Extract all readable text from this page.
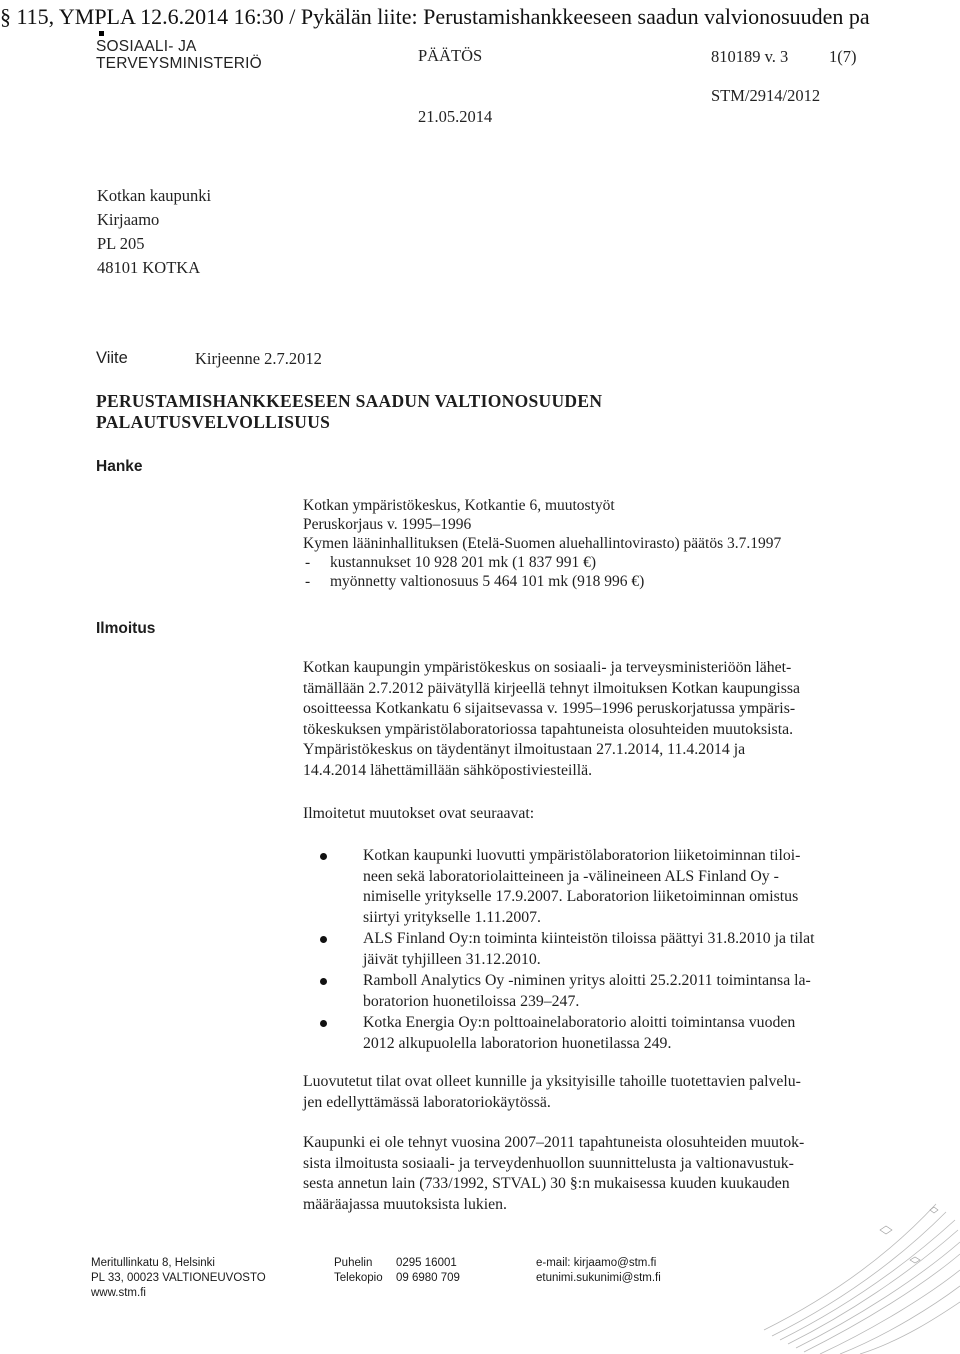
§ 115, YMPLA 12.6.2014 16:30 / Pykälän liite: Perustamishankkeeseen saadun valvionosuuden pa
SOSIAALI- JA
TERVEYSMINISTERIÖ	PÄÄTÖS	810189 v. 3 1(7)
STM/2914/2012
21.05.2014
Kotkan kaupunki
Kirjaamo
PL 205
48101 KOTKA
Viite	Kirjeenne 2.7.2012
PERUSTAMISHANKKEESEEN SAADUN VALTIONOSUUDEN
PALAUTUSVELVOLLISUUS
Hanke
Kotkan ympäristökeskus, Kotkantie 6, muutostyöt
Peruskorjaus v. 1995–1996
Kymen lääninhallituksen (Etelä-Suomen aluehallintovirasto) päätös 3.7.1997
- kustannukset 10 928 201 mk (1 837 991 €)
- myönnetty valtionosuus 5 464 101 mk (918 996 €)
Ilmoitus
Kotkan kaupungin ympäristökeskus on sosiaali- ja terveysministeriöön lähet-
tämällään 2.7.2012 päivätyllä kirjeellä tehnyt ilmoituksen Kotkan kaupungissa
osoitteessa Kotkankatu 6 sijaitsevassa v. 1995–1996 peruskorjatussa ympäris-
tökeskuksen ympäristölaboratoriossa tapahtuneista olosuhteiden muutoksista.
Ympäristökeskus on täydentänyt ilmoitustaan 27.1.2014, 11.4.2014 ja
14.4.2014 lähettämillään sähköpostiviesteillä.
Ilmoitetut muutokset ovat seuraavat:
Kotkan kaupunki luovutti ympäristölaboratorion liiketoiminnan tiloi-
neen sekä laboratoriolaitteineen ja -välineineen ALS Finland Oy -
nimiselle yritykselle 17.9.2007. Laboratorion liiketoiminnan omistus
siirtyi yritykselle 1.11.2007.
ALS Finland Oy:n toiminta kiinteistön tiloissa päättyi 31.8.2010 ja tilat
jäivät tyhjilleen 31.12.2010.
Ramboll Analytics Oy -niminen yritys aloitti 25.2.2011 toimintansa la-
boratorion huonetiloissa 239–247.
Kotka Energia Oy:n polttoainelaboratorio aloitti toimintansa vuoden
2012 alkupuolella laboratorion huonetilassa 249.
Luovutetut tilat ovat olleet kunnille ja yksityisille tahoille tuotettavien palvelu-
jen edellyttämässä laboratoriokäytössä.
Kaupunki ei ole tehnyt vuosina 2007–2011 tapahtuneista olosuhteiden muutok-
sista ilmoitusta sosiaali- ja terveydenhuollon suunnittelusta ja valtionavustuk-
sesta annetun lain (733/1992, STVAL) 30 §:n mukaisessa kuuden kuukauden
määräajassa muutoksista lukien.
Meritullinkatu 8, Helsinki
PL 33, 00023 VALTIONEUVOSTO
www.stm.fi
Puhelin	0295 16001
Telekopio	09 6980 709
e-mail: kirjaamo@stm.fi
etunimi.sukunimi@stm.fi
